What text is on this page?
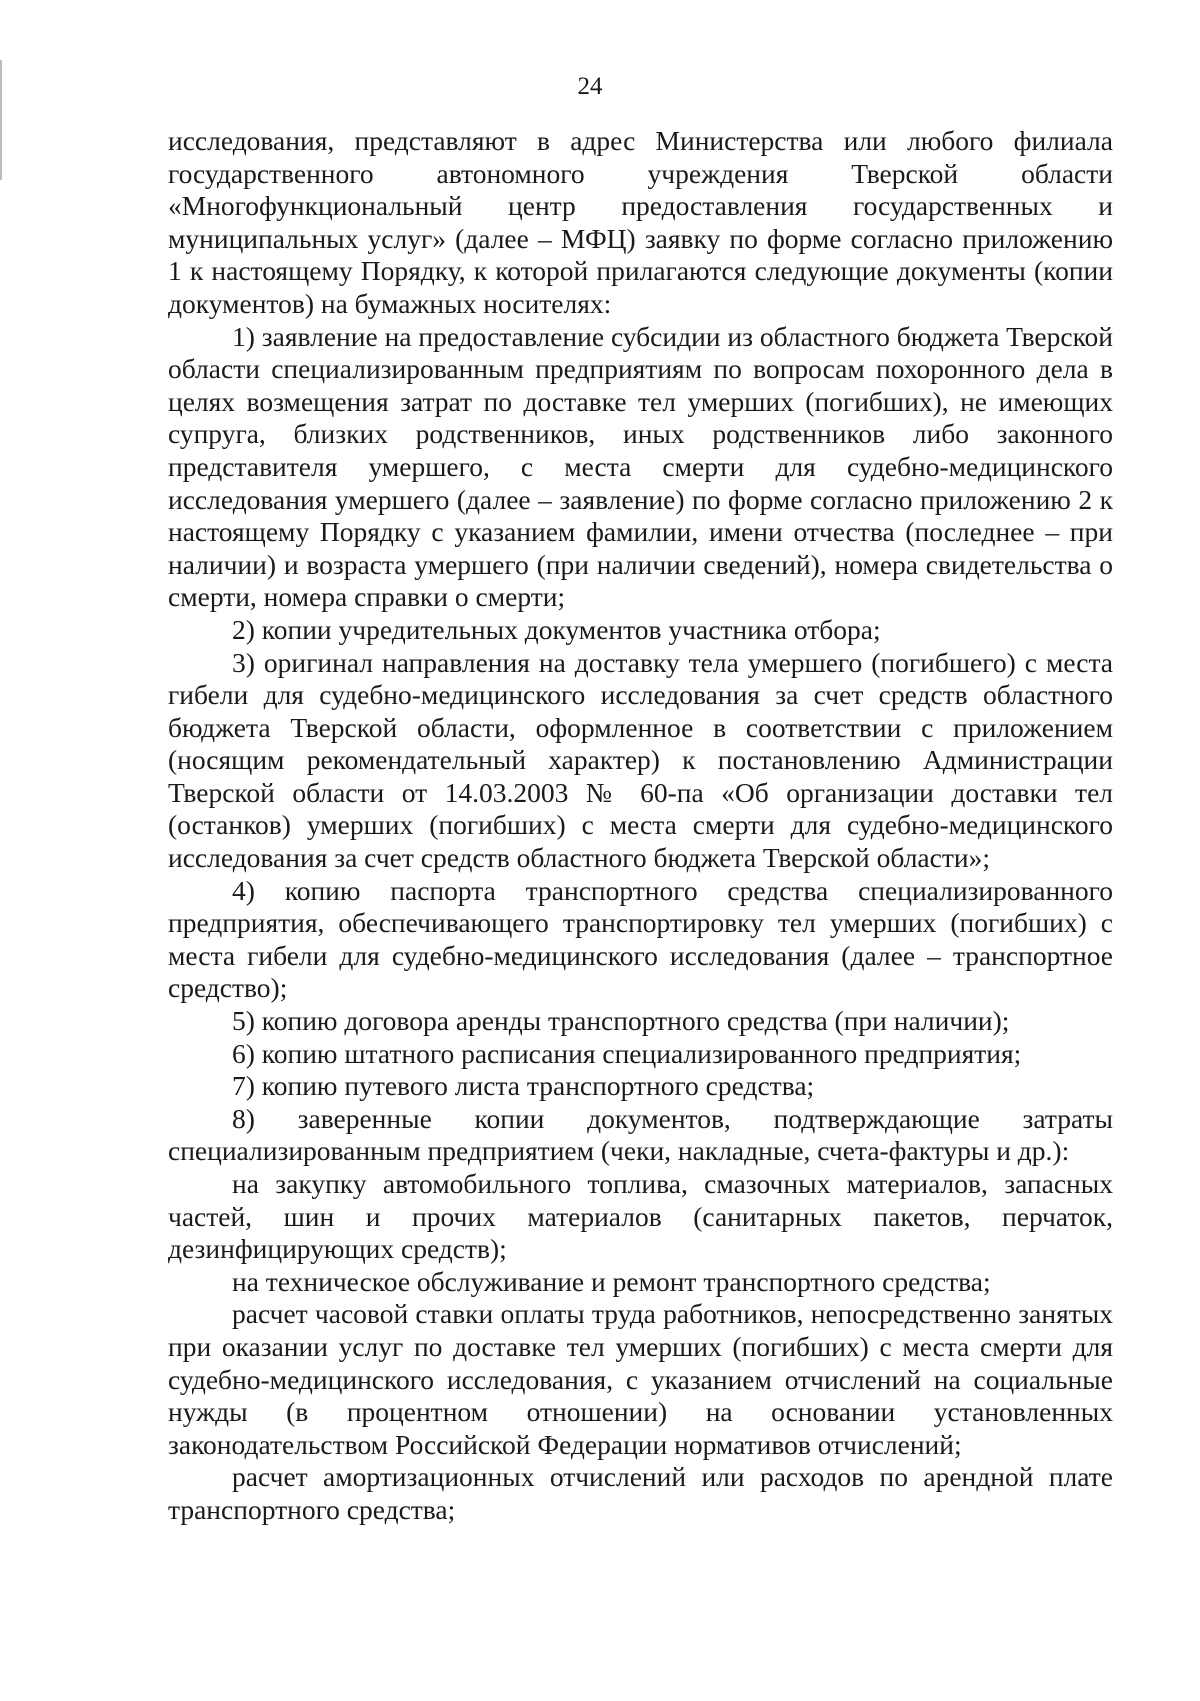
24

исследования, представляют в адрес Министерства или любого филиала государственного автономного учреждения Тверской области «Многофункциональный центр предоставления государственных и муниципальных услуг» (далее – МФЦ) заявку по форме согласно приложению 1 к настоящему Порядку, к которой прилагаются следующие документы (копии документов) на бумажных носителях:

1) заявление на предоставление субсидии из областного бюджета Тверской области специализированным предприятиям по вопросам похоронного дела в целях возмещения затрат по доставке тел умерших (погибших), не имеющих супруга, близких родственников, иных родственников либо законного представителя умершего, с места смерти для судебно-медицинского исследования умершего (далее – заявление) по форме согласно приложению 2 к настоящему Порядку с указанием фамилии, имени отчества (последнее – при наличии) и возраста умершего (при наличии сведений), номера свидетельства о смерти, номера справки о смерти;

2) копии учредительных документов участника отбора;

3) оригинал направления на доставку тела умершего (погибшего) с места гибели для судебно-медицинского исследования за счет средств областного бюджета Тверской области, оформленное в соответствии с приложением (носящим рекомендательный характер) к постановлению Администрации Тверской области от 14.03.2003 № 60-па «Об организации доставки тел (останков) умерших (погибших) с места смерти для судебно-медицинского исследования за счет средств областного бюджета Тверской области»;

4) копию паспорта транспортного средства специализированного предприятия, обеспечивающего транспортировку тел умерших (погибших) с места гибели для судебно-медицинского исследования (далее – транспортное средство);

5) копию договора аренды транспортного средства (при наличии);

6) копию штатного расписания специализированного предприятия;

7) копию путевого листа транспортного средства;

8) заверенные копии документов, подтверждающие затраты специализированным предприятием (чеки, накладные, счета-фактуры и др.):

на закупку автомобильного топлива, смазочных материалов, запасных частей, шин и прочих материалов (санитарных пакетов, перчаток, дезинфицирующих средств);

на техническое обслуживание и ремонт транспортного средства;

расчет часовой ставки оплаты труда работников, непосредственно занятых при оказании услуг по доставке тел умерших (погибших) с места смерти для судебно-медицинского исследования, с указанием отчислений на социальные нужды (в процентном отношении) на основании установленных законодательством Российской Федерации нормативов отчислений;

расчет амортизационных отчислений или расходов по арендной плате транспортного средства;
